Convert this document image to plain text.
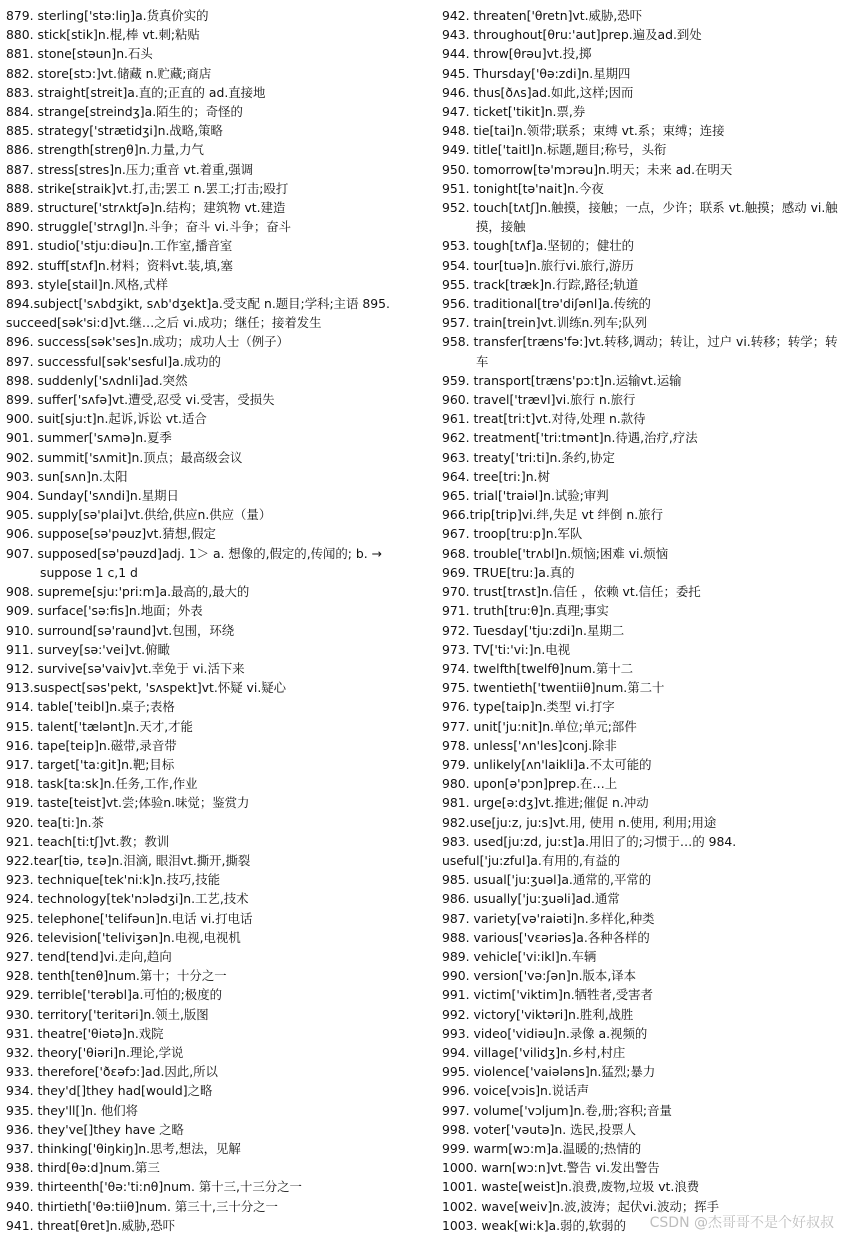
879. sterling['stə:liŋ]a.货真价实的
880. stick[stik]n.棍,棒 vt.刺;粘贴
881. stone[stəun]n.石头
882. store[stɔ:]vt.储藏 n.贮藏;商店
883. straight[streit]a.直的;正直的 ad.直接地
884. strange[streindʒ]a.陌生的；奇怪的
885. strategy['strætidʒi]n.战略,策略
886. strength[streŋθ]n.力量,力气
887. stress[stres]n.压力;重音 vt.着重,强调
888. strike[straik]vt.打,击;罢工 n.罢工;打击;殴打
889. structure['strʌktʃə]n.结构；建筑物 vt.建造
890. struggle['strʌgl]n.斗争；奋斗 vi.斗争；奋斗
891. studio['stju:diəu]n.工作室,播音室
892. stuff[stʌf]n.材料；资料vt.装,填,塞
893. style[stail]n.风格,式样
894.subject['sʌbdʒikt, sʌb'dʒekt]a.受支配 n.题目;学科;主语 895.
succeed[sək'si:d]vt.继…之后 vi.成功；继任；接着发生
896. success[sək'ses]n.成功；成功人士（例子）
897. successful[sək'sesful]a.成功的
898. suddenly['sʌdnli]ad.突然
899. suffer['sʌfə]vt.遭受,忍受 vi.受害，受损失
900. suit[sju:t]n.起诉,诉讼 vt.适合
901. summer['sʌmə]n.夏季
902. summit['sʌmit]n.顶点；最高级会议
903. sun[sʌn]n.太阳
904. Sunday['sʌndi]n.星期日
905. supply[sə'plai]vt.供给,供应n.供应（量）
906. suppose[sə'pəuz]vt.猜想,假定
907. supposed[sə'pəuzd]adj. 1＞ a. 想像的,假定的,传闻的; b. → suppose 1 c,1 d
908. supreme[sju:'pri:m]a.最高的,最大的
909. surface['sə:fis]n.地面；外表
910. surround[sə'raund]vt.包围，环绕
911. survey[sə:'vei]vt.俯瞰
912. survive[sə'vaiv]vt.幸免于 vi.活下来
913.suspect[səs'pekt, 'sʌspekt]vt.怀疑 vi.疑心
914. table['teibl]n.桌子;表格
915. talent['tælənt]n.天才,才能
916. tape[teip]n.磁带,录音带
917. target['ta:git]n.靶;目标
918. task[ta:sk]n.任务,工作,作业
919. taste[teist]vt.尝;体验n.味觉；鉴赏力
920. tea[ti:]n.茶
921. teach[ti:tʃ]vt.教；教训
922.tear[tiə, tɛə]n.泪滴, 眼泪vt.撕开,撕裂
923. technique[tek'ni:k]n.技巧,技能
924. technology[tek'nɔlədʒi]n.工艺,技术
925. telephone['telifəun]n.电话 vi.打电话
926. television['teliviʒən]n.电视,电视机
927. tend[tend]vi.走向,趋向
928. tenth[tenθ]num.第十；十分之一
929. terrible['terəbl]a.可怕的;极度的
930. territory['teritəri]n.领土,版图
931. theatre['θiətə]n.戏院
932. theory['θiəri]n.理论,学说
933. therefore['ðɛəfɔ:]ad.因此,所以
934. they'd[]they had[would]之略
935. they'll[]n. 他们将
936. they've[]they have 之略
937. thinking['θiŋkiŋ]n.思考,想法，见解
938. third[θə:d]num.第三
939. thirteenth['θə:'ti:nθ]num. 第十三,十三分之一
940. thirtieth['θə:tiiθ]num. 第三十,三十分之一
941. threat[θret]n.威胁,恐吓
942. threaten['θretn]vt.威胁,恐吓
943. throughout[θru:'aut]prep.遍及ad.到处
944. throw[θrəu]vt.投,掷
945. Thursday['θə:zdi]n.星期四
946. thus[ðʌs]ad.如此,这样;因而
947. ticket['tikit]n.票,券
948. tie[tai]n.领带;联系；束缚 vt.系；束缚；连接
949. title['taitl]n.标题,题目;称号，头衔
950. tomorrow[tə'mɔrəu]n.明天；未来 ad.在明天
951. tonight[tə'nait]n.今夜
952. touch[tʌtʃ]n.触摸，接触；一点，少许；联系 vt.触摸；感动 vi.触摸，接触
953. tough[tʌf]a.坚韧的；健壮的
954. tour[tuə]n.旅行vi.旅行,游历
955. track[træk]n.行踪,路径;轨道
956. traditional[trə'diʃənl]a.传统的
957. train[trein]vt.训练n.列车;队列
958. transfer[træns'fə:]vt.转移,调动；转让，过户 vi.转移；转学；转车
959. transport[træns'pɔ:t]n.运输vt.运输
960. travel['trævl]vi.旅行 n.旅行
961. treat[tri:t]vt.对待,处理 n.款待
962. treatment['tri:tmənt]n.待遇,治疗,疗法
963. treaty['tri:ti]n.条约,协定
964. tree[tri:]n.树
965. trial['traiəl]n.试验;审判
966.trip[trip]vi.绊,失足 vt 绊倒 n.旅行
967. troop[tru:p]n.军队
968. trouble['trʌbl]n.烦恼;困难 vi.烦恼
969. TRUE[tru:]a.真的
970. trust[trʌst]n.信任 ，依赖 vt.信任；委托
971. truth[tru:θ]n.真理;事实
972. Tuesday['tju:zdi]n.星期二
973. TV['ti:'vi:]n.电视
974. twelfth[twelfθ]num.第十二
975. twentieth['twentiiθ]num.第二十
976. type[taip]n.类型 vi.打字
977. unit['ju:nit]n.单位;单元;部件
978. unless['ʌn'les]conj.除非
979. unlikely[ʌn'laikli]a.不太可能的
980. upon[ə'pɔn]prep.在…上
981. urge[ə:dʒ]vt.推进;催促 n.冲动
982.use[ju:z, ju:s]vt.用, 使用 n.使用, 利用;用途
983. used[ju:zd, ju:st]a.用旧了的;习惯于…的 984.
useful['ju:zful]a.有用的,有益的
985. usual['ju:ʒuəl]a.通常的,平常的
986. usually['ju:ʒuəli]ad.通常
987. variety[və'raiəti]n.多样化,种类
988. various['vɛəriəs]a.各种各样的
989. vehicle['vi:ikl]n.车辆
990. version['və:ʃən]n.版本,译本
991. victim['viktim]n.牺牲者,受害者
992. victory['viktəri]n.胜利,战胜
993. video['vidiəu]n.录像 a.视频的
994. village['vilidʒ]n.乡村,村庄
995. violence['vaiələns]n.猛烈;暴力
996. voice[vɔis]n.说话声
997. volume['vɔljum]n.卷,册;容积;音量
998. voter['vəutə]n. 选民,投票人
999. warm[wɔ:m]a.温暖的;热情的
1000. warn[wɔ:n]vt.警告 vi.发出警告
1001. waste[weist]n.浪费,废物,垃圾 vt.浪费
1002. wave[weiv]n.波,波涛；起伏vi.波动；挥手
1003. weak[wi:k]a.弱的,软弱的	CSDN @杰哥哥不是个好叔叔
